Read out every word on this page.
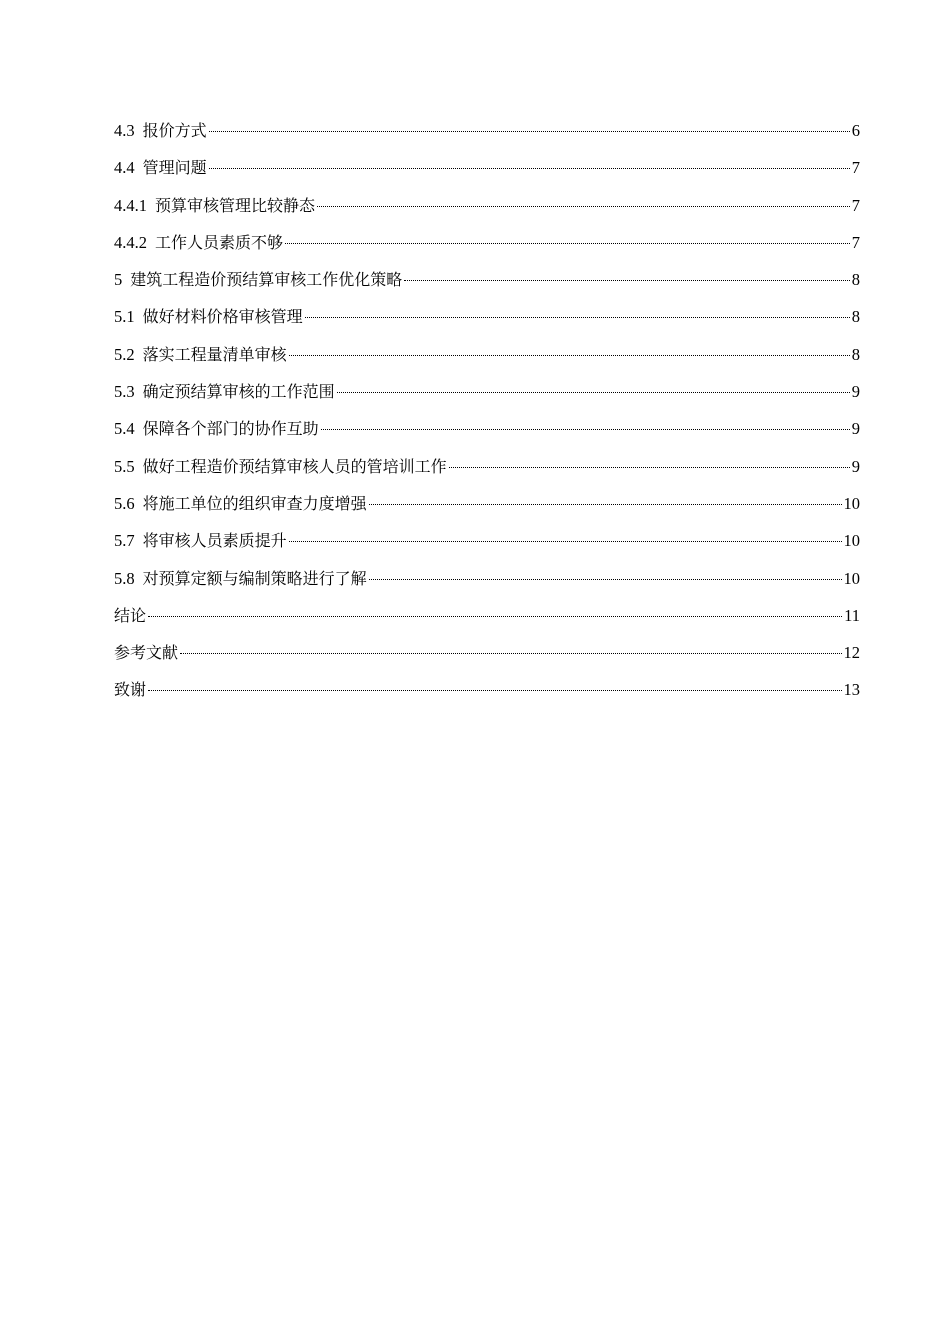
4.3 报价方式	6
4.4 管理问题	7
4.4.1 预算审核管理比较静态	7
4.4.2 工作人员素质不够	7
5 建筑工程造价预结算审核工作优化策略	8
5.1 做好材料价格审核管理	8
5.2 落实工程量清单审核	8
5.3 确定预结算审核的工作范围	9
5.4 保障各个部门的协作互助	9
5.5 做好工程造价预结算审核人员的管培训工作	9
5.6 将施工单位的组织审查力度增强	10
5.7 将审核人员素质提升	10
5.8 对预算定额与编制策略进行了解	10
结论	11
参考文献	12
致谢	13
